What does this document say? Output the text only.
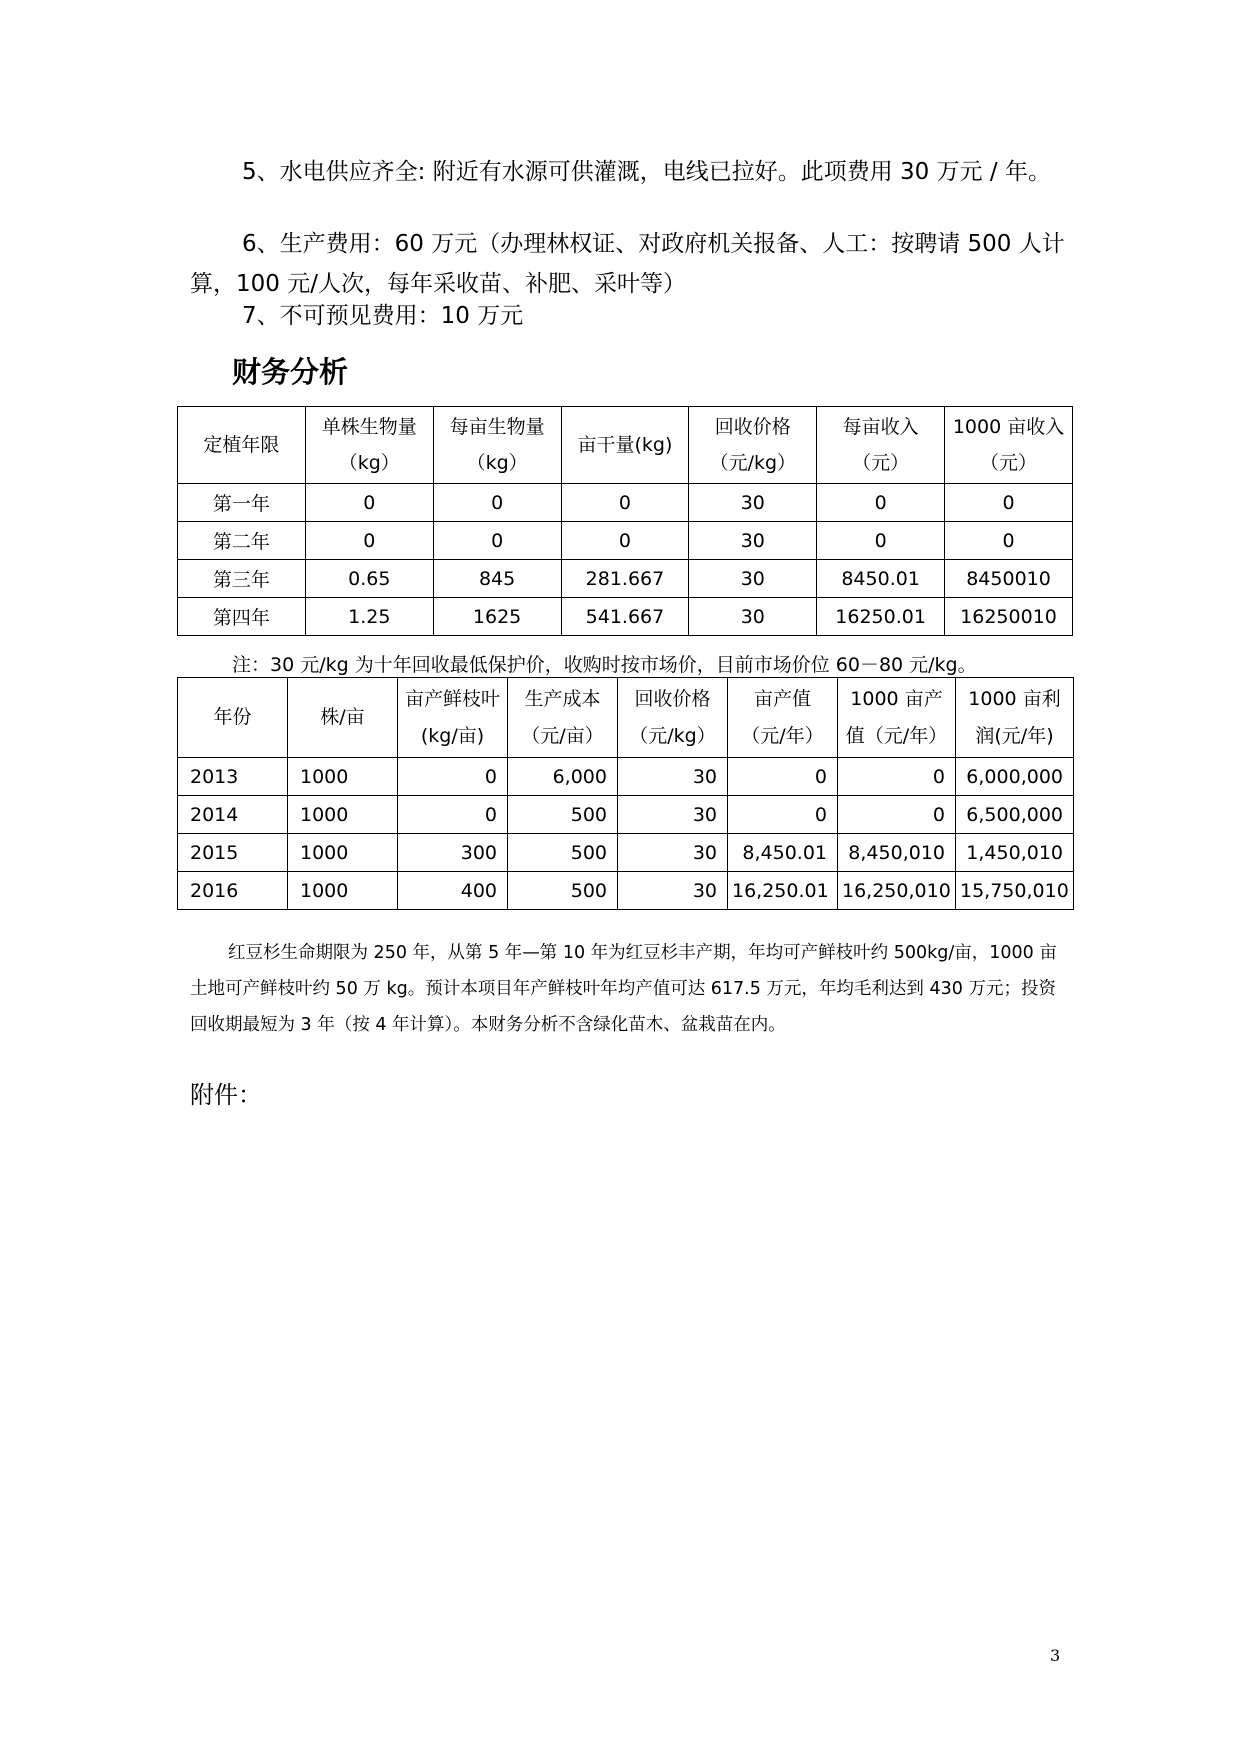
5、水电供应齐全: 附近有水源可供灌溉，电线已拉好。此项费用 30 万元 / 年。
6、生产费用：60 万元（办理林权证、对政府机关报备、人工：按聘请 500 人计算，100 元/人次，每年采收苗、补肥、采叶等）
7、不可预见费用：10 万元
财务分析
定植年限	单株生物量（kg）	每亩生物量（kg）	亩干量(kg)	回收价格（元/kg）	每亩收入（元）	1000 亩收入（元）
第一年	0	0	0	30	0	0
第二年	0	0	0	30	0	0
第三年	0.65	845	281.667	30	8450.01	8450010
第四年	1.25	1625	541.667	30	16250.01	16250010
注：30 元/kg 为十年回收最低保护价，收购时按市场价，目前市场价位 60－80 元/kg。
年份	株/亩	亩产鲜枝叶(kg/亩)	生产成本（元/亩）	回收价格（元/kg）	亩产值（元/年）	1000 亩产值（元/年）	1000 亩利润(元/年)
2013	1000	0	6,000	30	0	0	6,000,000
2014	1000	0	500	30	0	0	6,500,000
2015	1000	300	500	30	8,450.01	8,450,010	1,450,010
2016	1000	400	500	30	16,250.01	16,250,010	15,750,010
红豆杉生命期限为 250 年，从第 5 年—第 10 年为红豆杉丰产期，年均可产鲜枝叶约 500kg/亩，1000 亩土地可产鲜枝叶约 50 万 kg。预计本项目年产鲜枝叶年均产值可达 617.5 万元，年均毛利达到 430 万元；投资回收期最短为 3 年（按 4 年计算）。本财务分析不含绿化苗木、盆栽苗在内。
附件：
3
